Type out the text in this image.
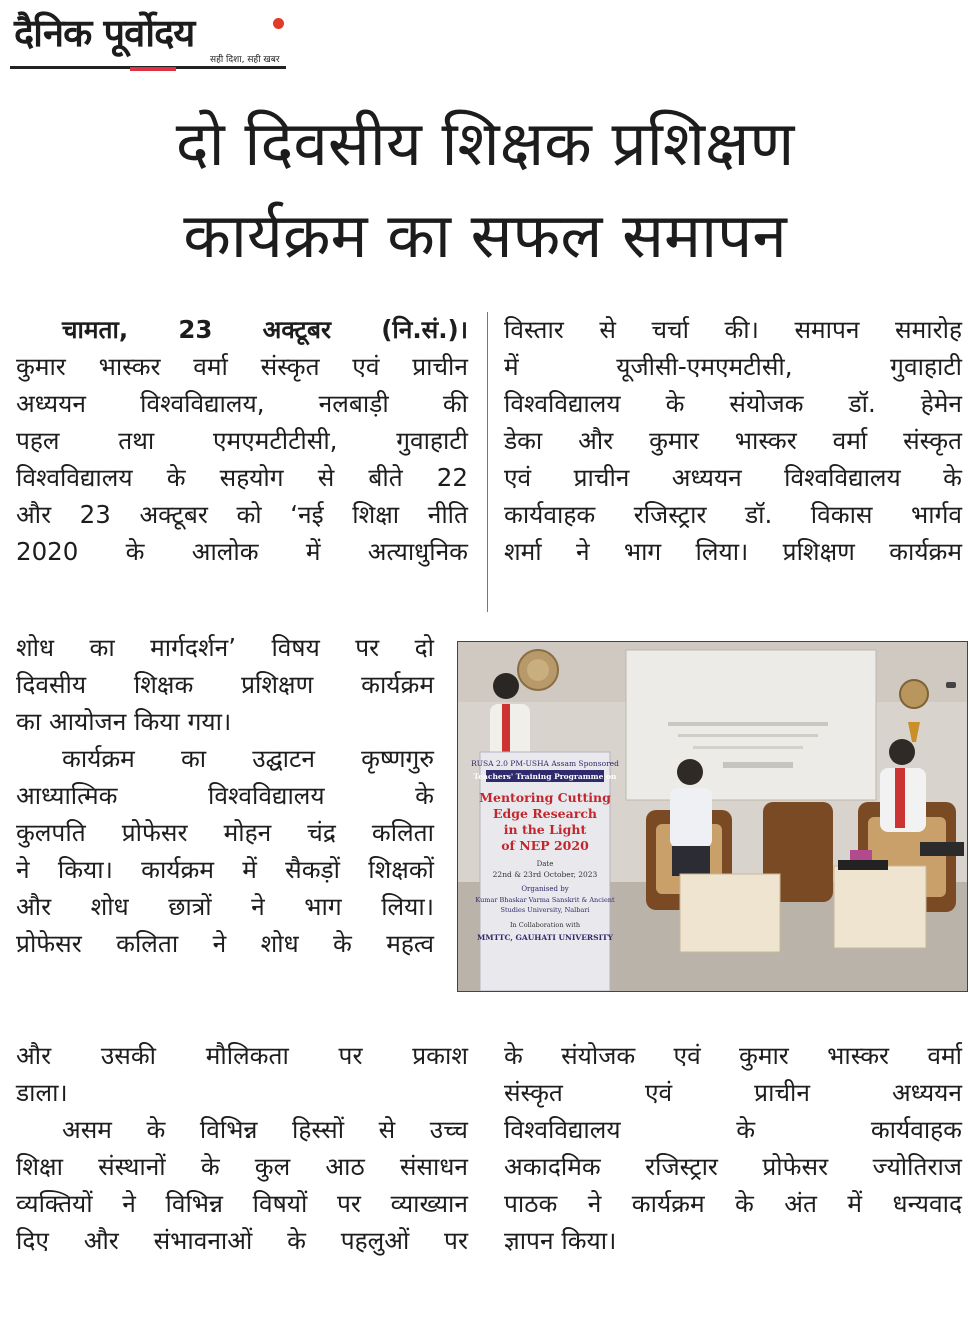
दैनिक पूर्वोदय
सही दिशा, सही खबर
दो दिवसीय शिक्षक प्रशिक्षण
कार्यक्रम का सफल समापन
चामता, 23 अक्टूबर (नि.सं.)।
कुमार भास्कर वर्मा संस्कृत एवं प्राचीन
अध्ययन विश्वविद्यालय, नलबाड़ी की
पहल तथा एमएमटीटीसी, गुवाहाटी
विश्वविद्यालय के सहयोग से बीते 22
और 23 अक्टूबर को ‘नई शिक्षा नीति
2020 के आलोक में अत्याधुनिक
शोध का मार्गदर्शन’ विषय पर दो
दिवसीय शिक्षक प्रशिक्षण कार्यक्रम
का आयोजन किया गया।
कार्यक्रम का उद्घाटन कृष्णगुरु
आध्यात्मिक विश्वविद्यालय के
कुलपति प्रोफेसर मोहन चंद्र कलिता
ने किया। कार्यक्रम में सैकड़ों शिक्षकों
और शोध छात्रों ने भाग लिया।
प्रोफेसर कलिता ने शोध के महत्व
और उसकी मौलिकता पर प्रकाश
डाला।
असम के विभिन्न हिस्सों से उच्च
शिक्षा संस्थानों के कुल आठ संसाधन
व्यक्तियों ने विभिन्न विषयों पर व्याख्यान
दिए और संभावनाओं के पहलुओं पर
विस्तार से चर्चा की। समापन समारोह
में यूजीसी-एमएमटीसी, गुवाहाटी
विश्वविद्यालय के संयोजक डॉ. हेमेन
डेका और कुमार भास्कर वर्मा संस्कृत
एवं प्राचीन अध्ययन विश्वविद्यालय के
कार्यवाहक रजिस्ट्रार डॉ. विकास भार्गव
शर्मा ने भाग लिया। प्रशिक्षण कार्यक्रम
RUSA 2.0 PM-USHA Assam Sponsored
Teachers' Training Programme on
Mentoring Cutting
Edge Research
in the Light
of NEP 2020
Date
22nd & 23rd October, 2023
Organised by
Kumar Bhaskar Varma Sanskrit & Ancient
Studies University, Nalbari
In Collaboration with
MMTTC, GAUHATI UNIVERSITY
के संयोजक एवं कुमार भास्कर वर्मा
संस्कृत एवं प्राचीन अध्ययन
विश्वविद्यालय के कार्यवाहक
अकादमिक रजिस्ट्रार प्रोफेसर ज्योतिराज
पाठक ने कार्यक्रम के अंत में धन्यवाद
ज्ञापन किया।
